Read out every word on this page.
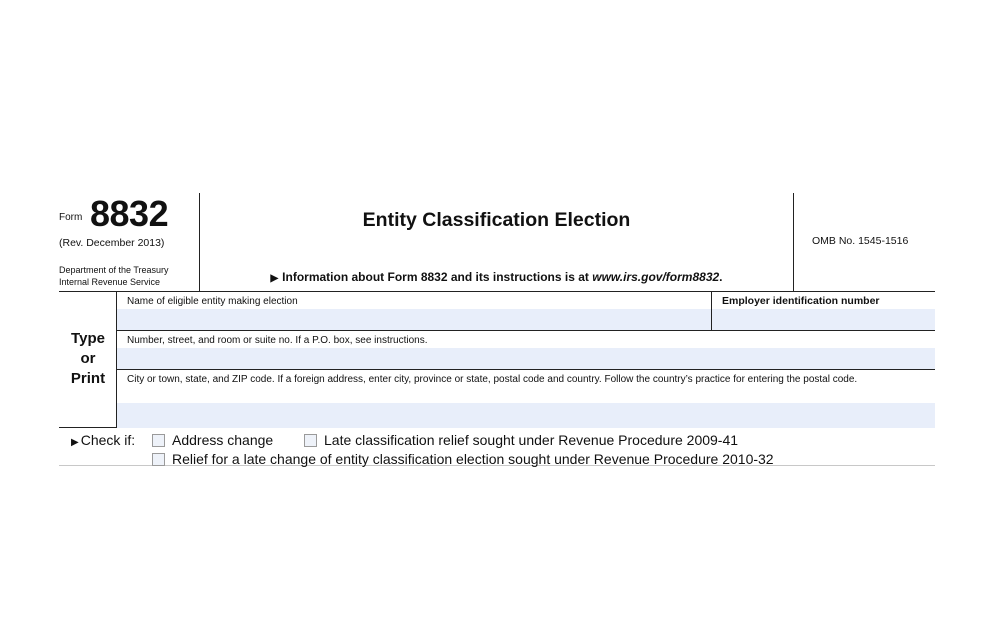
Form 8832
(Rev. December 2013)
Department of the Treasury
Internal Revenue Service
Entity Classification Election
▶ Information about Form 8832 and its instructions is at www.irs.gov/form8832.
OMB No. 1545-1516
Type
or
Print
Name of eligible entity making election	Employer identification number
Number, street, and room or suite no. If a P.O. box, see instructions.
City or town, state, and ZIP code. If a foreign address, enter city, province or state, postal code and country. Follow the country’s practice for entering the postal code.
▶ Check if:	Address change	Late classification relief sought under Revenue Procedure 2009-41
Relief for a late change of entity classification election sought under Revenue Procedure 2010-32
